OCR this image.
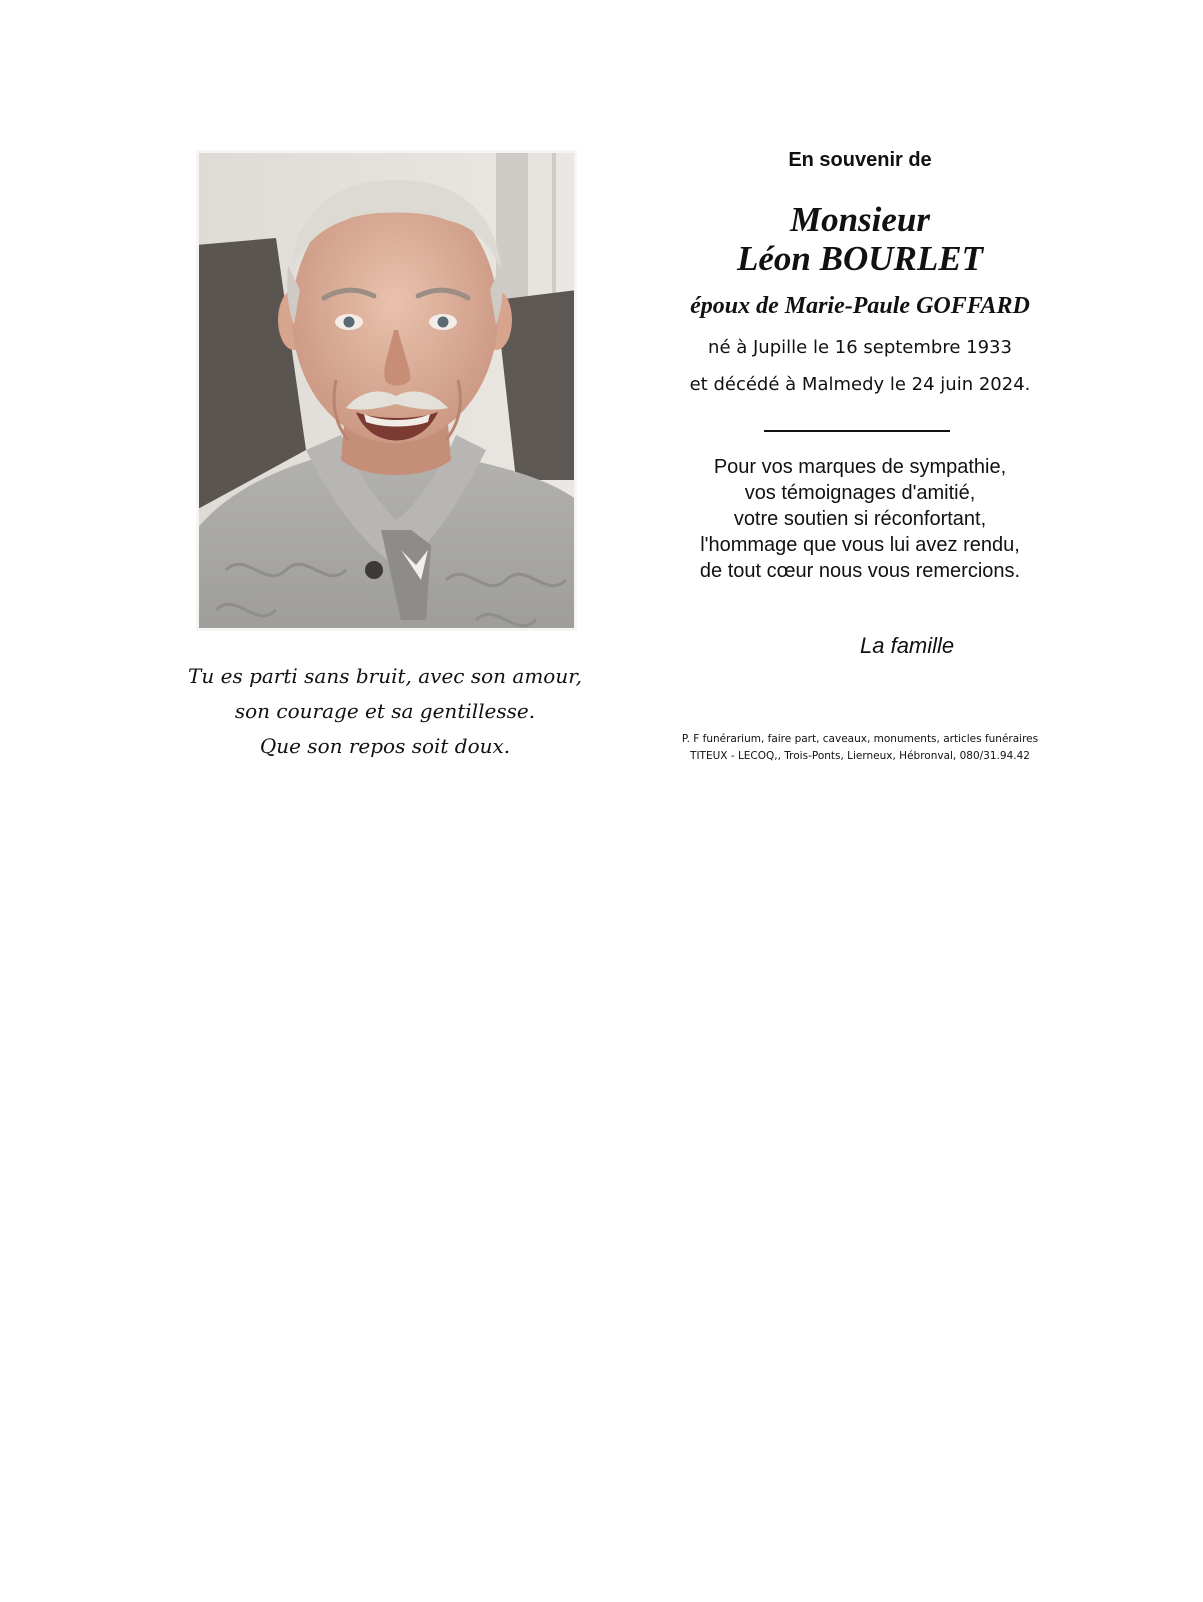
Tu es parti sans bruit, avec son amour,
son courage et sa gentillesse.
Que son repos soit doux.
En souvenir de
Monsieur
Léon BOURLET
époux de Marie-Paule GOFFARD
né à Jupille le 16 septembre 1933
et décédé à Malmedy le 24 juin 2024.
Pour vos marques de sympathie,
vos témoignages d'amitié,
votre soutien si réconfortant,
l'hommage que vous lui avez rendu,
de tout cœur nous vous remercions.
La famille
P. F funérarium, faire part, caveaux, monuments, articles funéraires
TITEUX - LECOQ,, Trois-Ponts, Lierneux, Hébronval, 080/31.94.42
